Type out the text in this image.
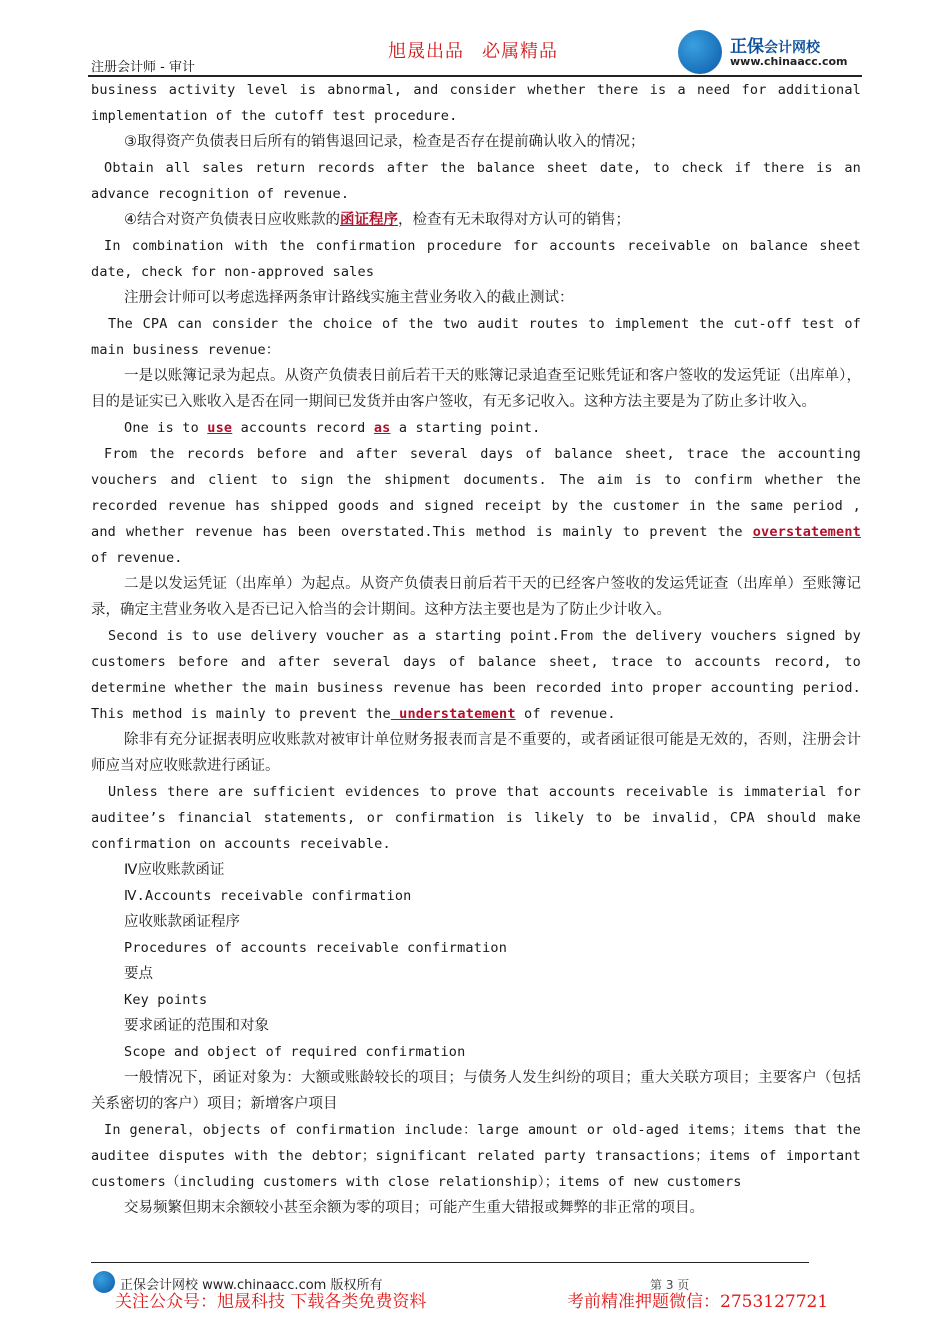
注册会计师 - 审计
旭晟出品 必属精品	正保会计网校
www.chinaacc.com

business activity level is abnormal, and consider whether there is a need for additional implementation of the cutoff test procedure.

③取得资产负债表日后所有的销售退回记录，检查是否存在提前确认收入的情况；

Obtain all sales return records after the balance sheet date, to check if there is an advance recognition of revenue.

④结合对资产负债表日应收账款的函证程序，检查有无未取得对方认可的销售；

In combination with the confirmation procedure for accounts receivable on balance sheet date, check for non-approved sales

注册会计师可以考虑选择两条审计路线实施主营业务收入的截止测试：

The CPA can consider the choice of the two audit routes to implement the cut-off test of main business revenue：

一是以账簿记录为起点。从资产负债表日前后若干天的账簿记录追查至记账凭证和客户签收的发运凭证（出库单），目的是证实已入账收入是否在同一期间已发货并由客户签收，有无多记收入。这种方法主要是为了防止多计收入。

One is to use accounts record as a starting point.

From the records before and after several days of balance sheet, trace the accounting vouchers and client to sign the shipment documents. The aim is to confirm whether the recorded revenue has shipped goods and signed receipt by the customer in the same period , and whether revenue has been overstated.This method is mainly to prevent the overstatement of revenue.

二是以发运凭证（出库单）为起点。从资产负债表日前后若干天的已经客户签收的发运凭证查（出库单）至账簿记录，确定主营业务收入是否已记入恰当的会计期间。这种方法主要也是为了防止少计收入。

Second is to use delivery voucher as a starting point.From the delivery vouchers signed by customers before and after several days of balance sheet, trace to accounts record, to determine whether the main business revenue has been recorded into proper accounting period. This method is mainly to prevent the understatement of revenue.

除非有充分证据表明应收账款对被审计单位财务报表而言是不重要的，或者函证很可能是无效的，否则，注册会计师应当对应收账款进行函证。

Unless there are sufficient evidences to prove that accounts receivable is immaterial for auditee’s financial statements, or confirmation is likely to be invalid，CPA should make confirmation on accounts receivable.

Ⅳ应收账款函证

Ⅳ.Accounts receivable confirmation

应收账款函证程序

Procedures of accounts receivable confirmation

要点

Key points

要求函证的范围和对象

Scope and object of required confirmation

一般情况下，函证对象为：大额或账龄较长的项目；与债务人发生纠纷的项目；重大关联方项目；主要客户（包括关系密切的客户）项目；新增客户项目

In general，objects of confirmation include：large amount or old-aged items；items that the auditee disputes with the debtor；significant related party transactions；items of important customers（including customers with close relationship）；items of new customers

交易频繁但期末余额较小甚至余额为零的项目；可能产生重大错报或舞弊的非正常的项目。

正保会计网校 www.chinaacc.com 版权所有	第 3 页
关注公众号：旭晟科技 下载各类免费资料	考前精准押题微信：2753127721
